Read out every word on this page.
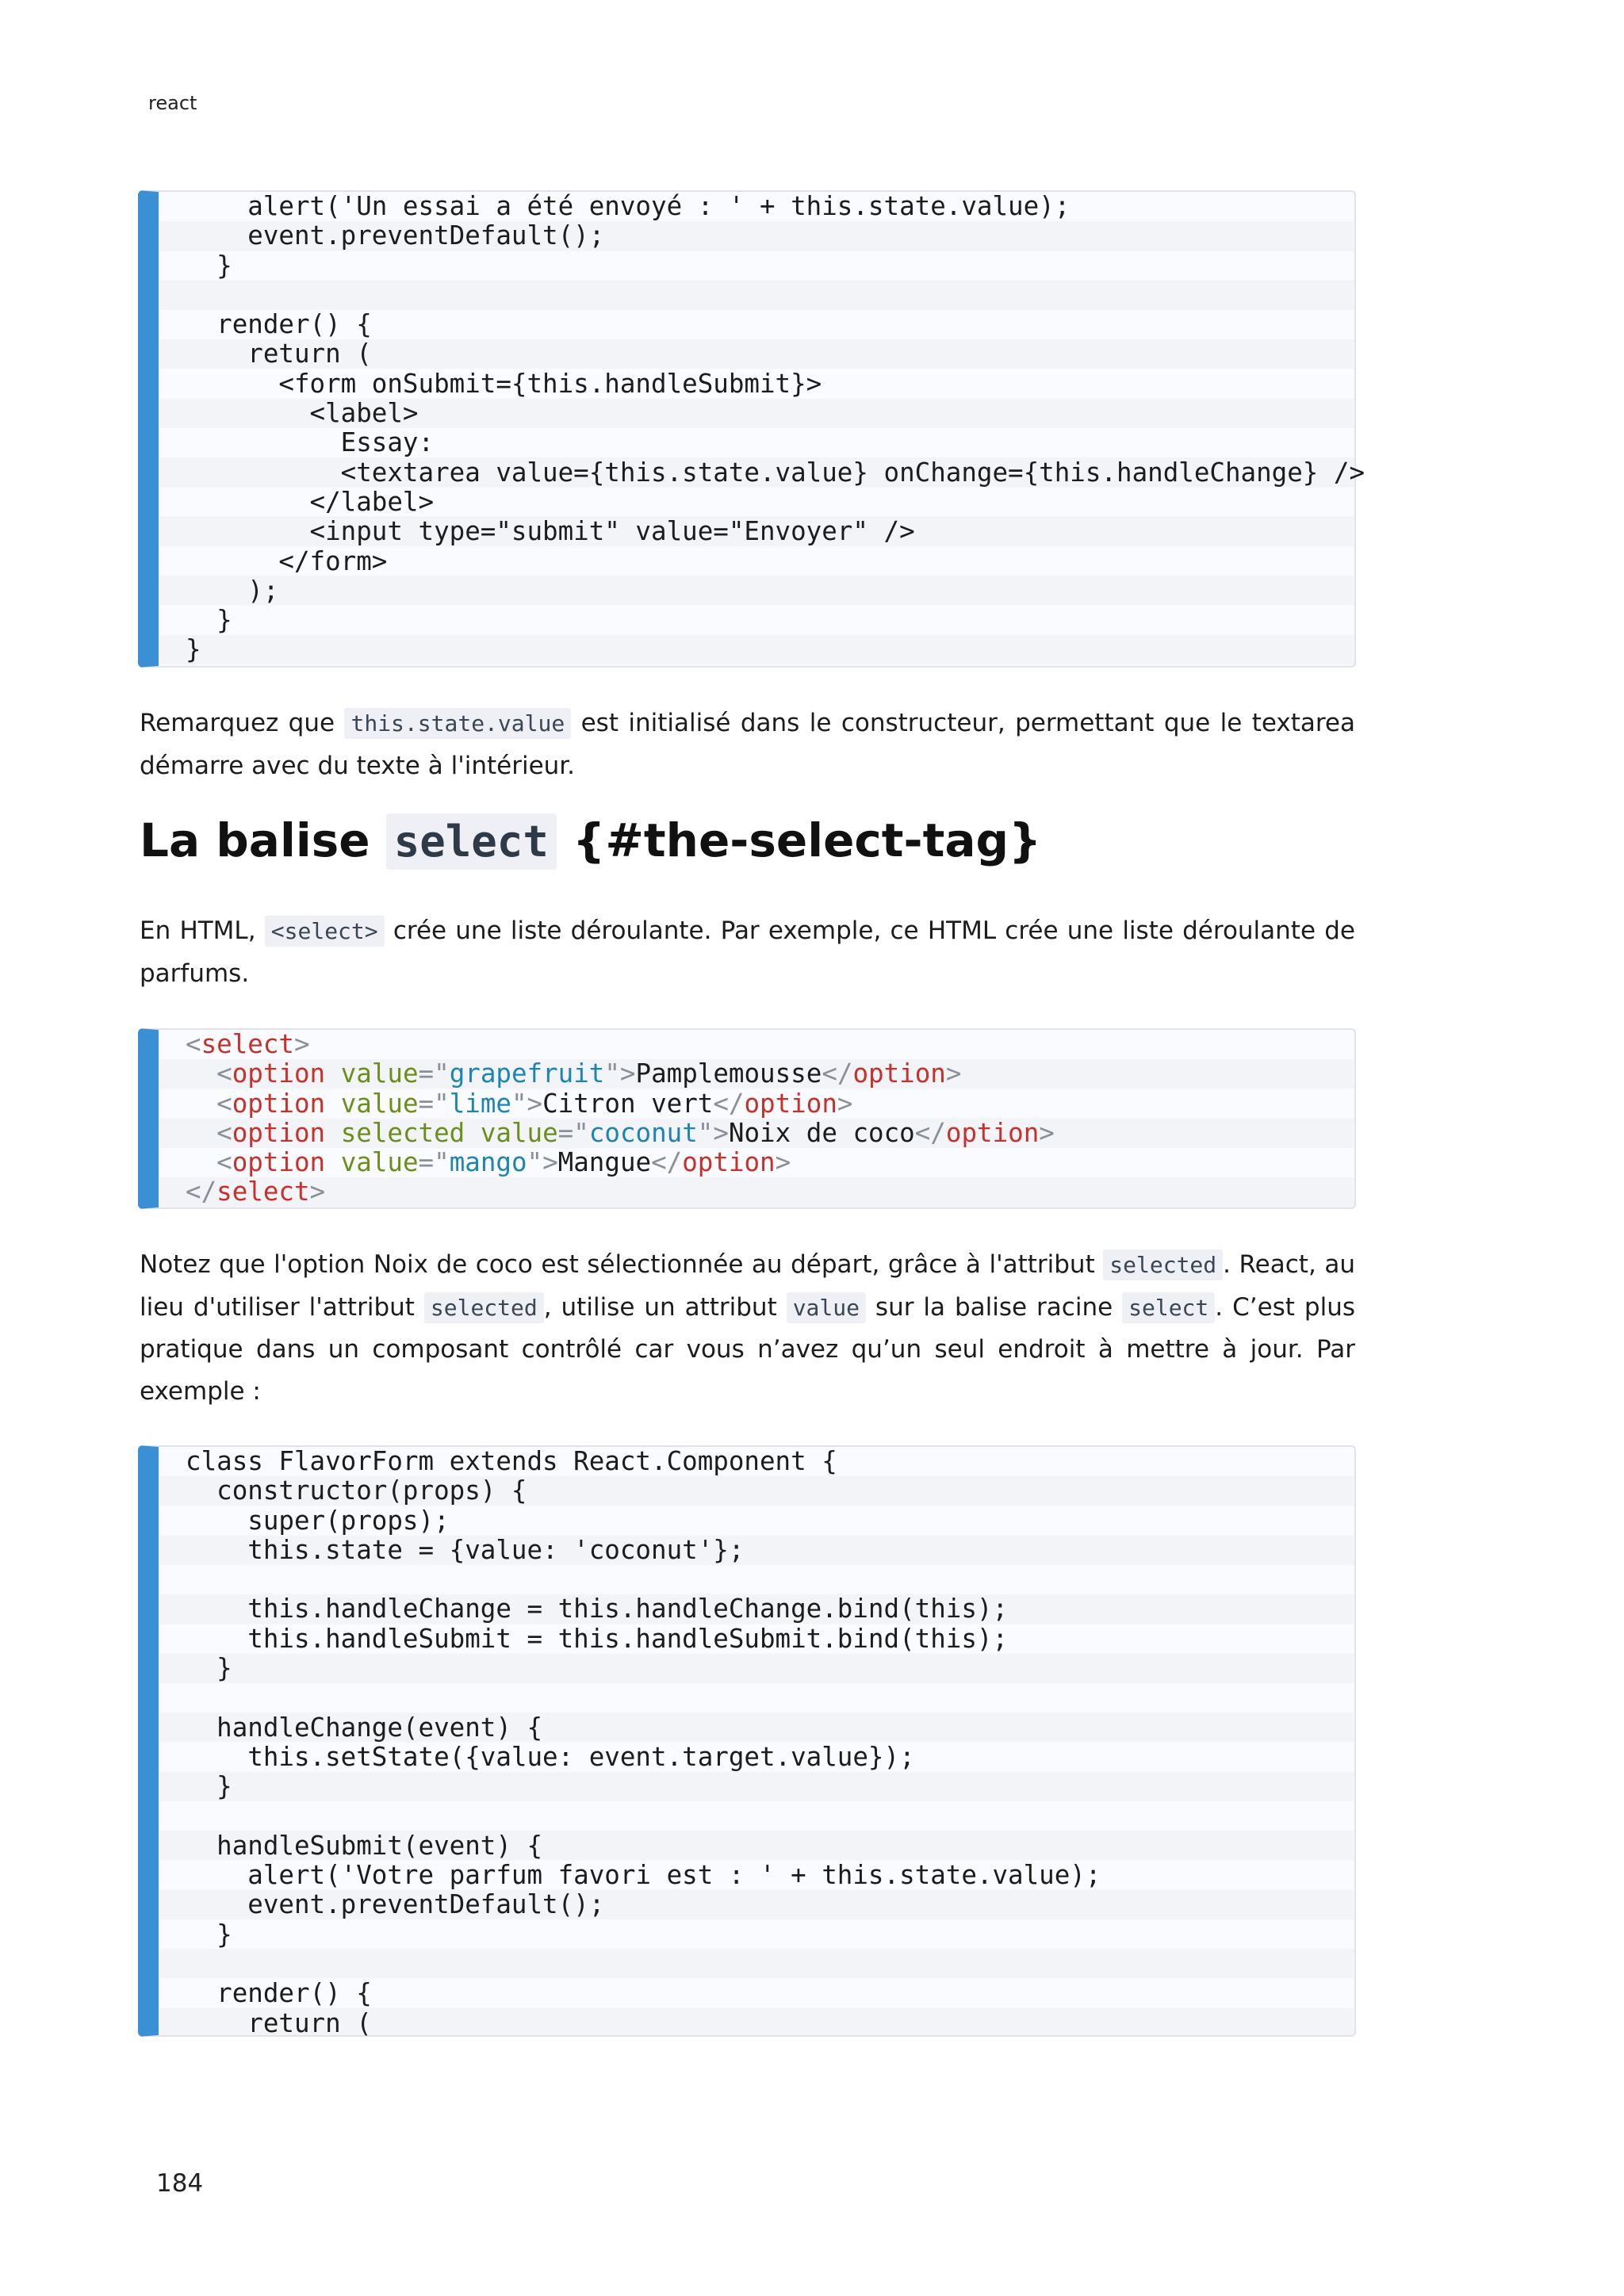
react
alert('Un essai a été envoyé : ' + this.state.value);
event.preventDefault();
}
render() {
return (
<form onSubmit={this.handleSubmit}>
<label>
Essay:
<textarea value={this.state.value} onChange={this.handleChange} />
</label>
<input type="submit" value="Envoyer" />
</form>
);
}
}

Remarquez que this.state.value est initialisé dans le constructeur, permettant que le textarea démarre avec du texte à l'intérieur.

La balise select {#the-select-tag}

En HTML, <select> crée une liste déroulante. Par exemple, ce HTML crée une liste déroulante de parfums.

<select>
<option value="grapefruit">Pamplemousse</option>
<option value="lime">Citron vert</option>
<option selected value="coconut">Noix de coco</option>
<option value="mango">Mangue</option>
</select>

Notez que l'option Noix de coco est sélectionnée au départ, grâce à l'attribut selected . React, au lieu d'utiliser l'attribut selected , utilise un attribut value sur la balise racine select . C’est plus pratique dans un composant contrôlé car vous n’avez qu’un seul endroit à mettre à jour. Par exemple :

class FlavorForm extends React.Component {
constructor(props) {
super(props);
this.state = {value: 'coconut'};
this.handleChange = this.handleChange.bind(this);
this.handleSubmit = this.handleSubmit.bind(this);
}
handleChange(event) {
this.setState({value: event.target.value});
}
handleSubmit(event) {
alert('Votre parfum favori est : ' + this.state.value);
event.preventDefault();
}
render() {
return (
184
